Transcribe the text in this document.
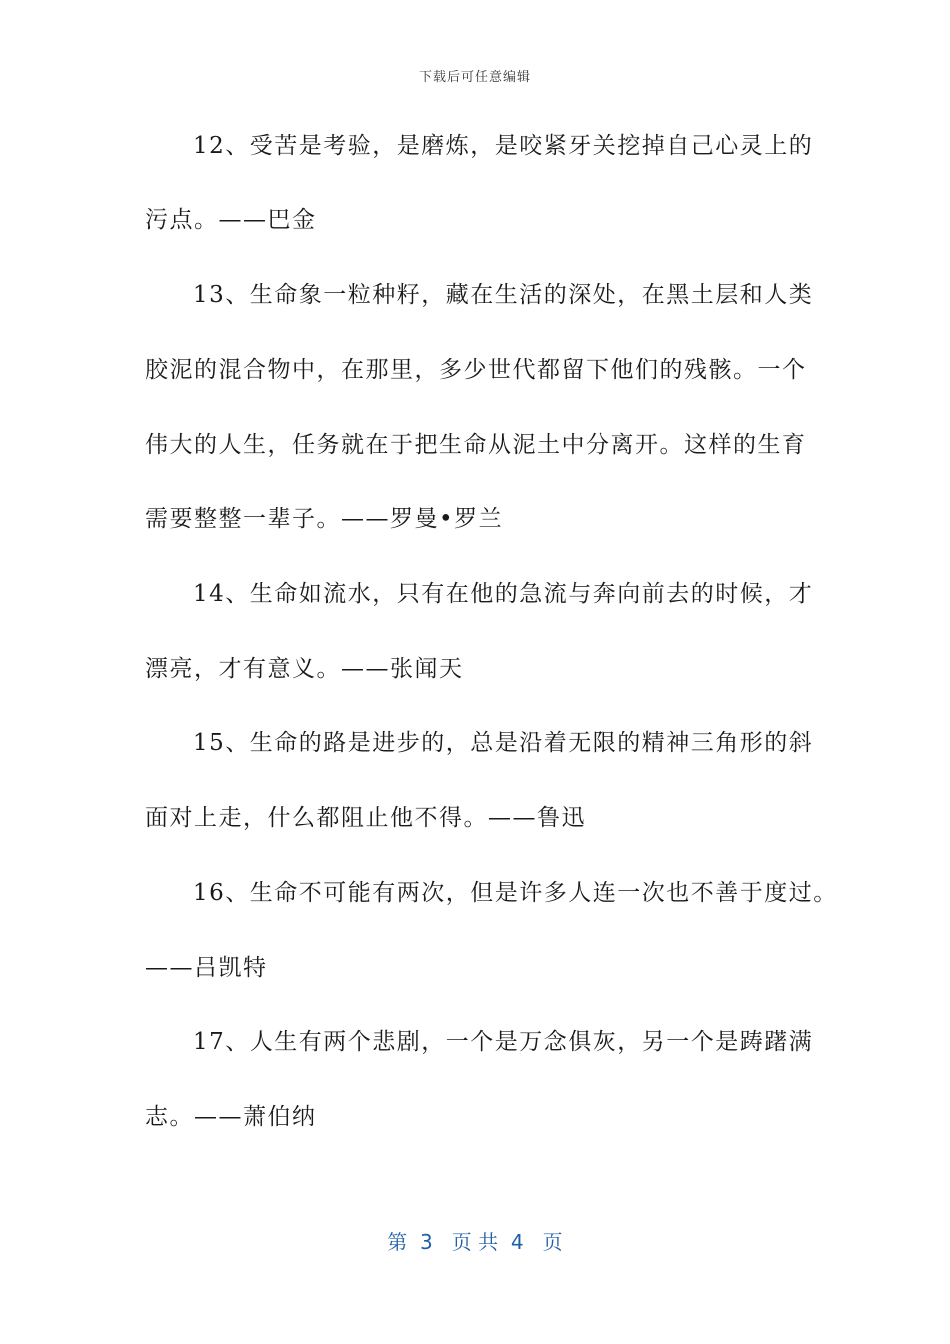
下载后可任意编辑
12、受苦是考验，是磨炼，是咬紧牙关挖掉自己心灵上的
污点。——巴金
13、生命象一粒种籽，藏在生活的深处，在黑土层和人类
胶泥的混合物中，在那里，多少世代都留下他们的残骸。一个
伟大的人生，任务就在于把生命从泥土中分离开。这样的生育
需要整整一辈子。——罗曼•罗兰
14、生命如流水，只有在他的急流与奔向前去的时候，才
漂亮，才有意义。——张闻天
15、生命的路是进步的，总是沿着无限的精神三角形的斜
面对上走，什么都阻止他不得。——鲁迅
16、生命不可能有两次，但是许多人连一次也不善于度过。
——吕凯特
17、人生有两个悲剧，一个是万念俱灰，另一个是踌躇满
志。——萧伯纳
第  3   页 共  4   页
